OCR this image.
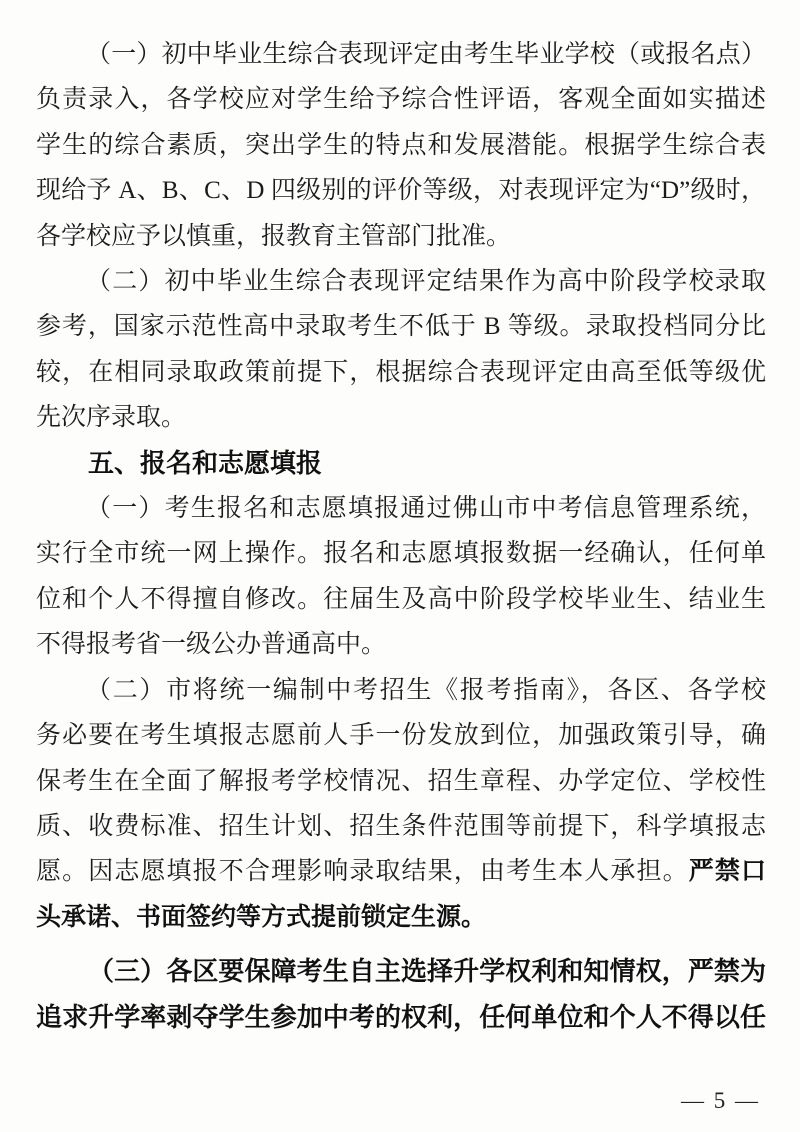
（一）初中毕业生综合表现评定由考生毕业学校（或报名点）
负责录入，各学校应对学生给予综合性评语，客观全面如实描述
学生的综合素质，突出学生的特点和发展潜能。根据学生综合表
现给予 A、B、C、D 四级别的评价等级，对表现评定为“D”级时，
各学校应予以慎重，报教育主管部门批准。
（二）初中毕业生综合表现评定结果作为高中阶段学校录取
参考，国家示范性高中录取考生不低于 B 等级。录取投档同分比
较，在相同录取政策前提下，根据综合表现评定由高至低等级优
先次序录取。
五、报名和志愿填报
（一）考生报名和志愿填报通过佛山市中考信息管理系统，
实行全市统一网上操作。报名和志愿填报数据一经确认，任何单
位和个人不得擅自修改。往届生及高中阶段学校毕业生、结业生
不得报考省一级公办普通高中。
（二）市将统一编制中考招生《报考指南》，各区、各学校
务必要在考生填报志愿前人手一份发放到位，加强政策引导，确
保考生在全面了解报考学校情况、招生章程、办学定位、学校性
质、收费标准、招生计划、招生条件范围等前提下，科学填报志
愿。因志愿填报不合理影响录取结果，由考生本人承担。严禁口
头承诺、书面签约等方式提前锁定生源。
（三）各区要保障考生自主选择升学权利和知情权，严禁为
追求升学率剥夺学生参加中考的权利，任何单位和个人不得以任
— 5 —
